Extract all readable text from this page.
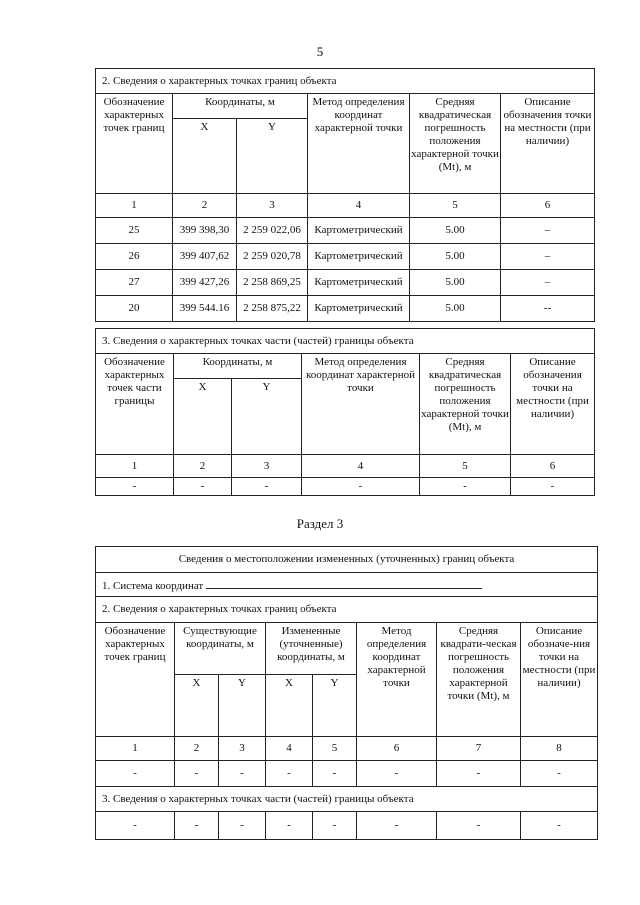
5
2. Сведения о характерных точках границ объекта					
Обозначение характерных точек границ	Координаты, м		Метод определения координат характерной точки	Средняя квадратическая погрешность положения характерной точки (Mt), м	Описание обозначения точки на местности (при наличии)
	X	Y			
1	2	3	4	5	6
25	399 398,30	2 259 022,06	Картометрический	5.00	–
26	399 407,62	2 259 020,78	Картометрический	5.00	–
27	399 427,26	2 258 869,25	Картометрический	5.00	–
20	399 544.16	2 258 875,22	Картометрический	5.00	--
3. Сведения о характерных точках части (частей) границы объекта					
Обозначение характерных точек части границы	Координаты, м		Метод определения координат характерной точки	Средняя квадратическая погрешность положения характерной точки (Mt), м	Описание обозначения точки на местности (при наличии)
	X	Y			
1	2	3	4	5	6
-	-	-	-	-	-
Раздел 3
Сведения о местоположении измененных (уточненных) границ объекта							
1. Система координат							
2. Сведения о характерных точках границ объекта							
Обозначение характерных точек границ	Существующие координаты, м		Измененные (уточненные) координаты, м		Метод определения координат характерной точки	Средняя квадрати-ческая погрешность положения характерной точки (Mt), м	Описание обозначе-ния точки на местности (при наличии)
	X	Y	X	Y			
1	2	3	4	5	6	7	8
-	-	-	-	-	-	-	-
3. Сведения о характерных точках части (частей) границы объекта							
-	-	-	-	-	-	-	-
